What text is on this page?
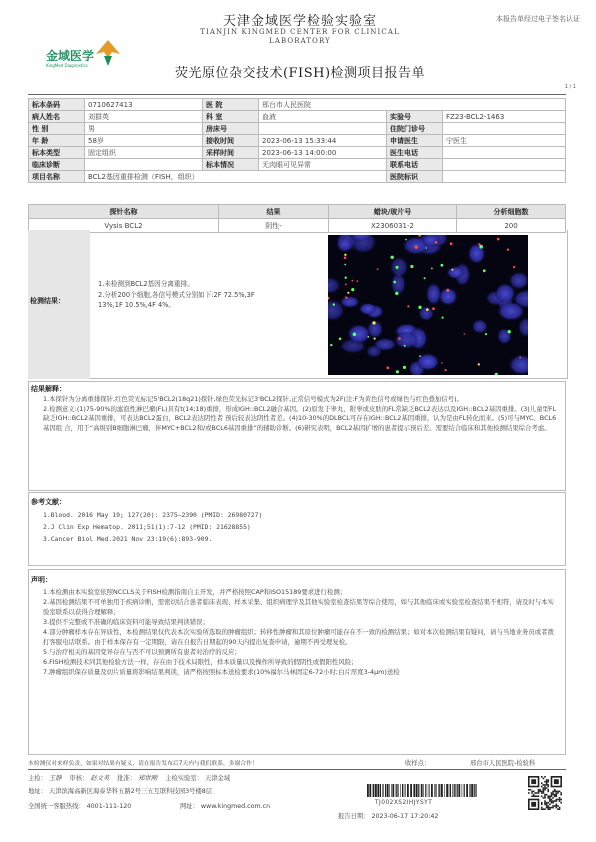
金域医学
KingMed Diagnostics
天津金域医学检验实验室
TIANJIN KINGMED CENTER FOR CLINICAL LABORATORY
本报告单经过电子签名认证
荧光原位杂交技术(FISH)检测项目报告单
1 / 1
标本条码	0710627413	医 院	邢台市人民医院		
病人姓名	刘群英	科 室	血液	实验号	FZ23-BCL2-1463
性 别	男	房床号		住院门诊号	
年 龄	58岁	接收时间	2023-06-13 15:33:44	申请医生	宁医生
标本类型	固定组织	采样时间	2023-06-13 14:00:00	医生电话	
临床诊断		标本情况	无肉眼可见异常	联系电话	
项目名称	BCL2基因重排检测（FISH，组织）			医院标识	
探针名称	结果	蜡块/玻片号	分析细胞数
Vysis BCL2	阴性-	X2306031-2	200
检测结果：
1.未检测到BCL2基因分离重排。
2.分析200个细胞,各信号模式分别如下:2F 72.5%,3F 13%,1F 10.5%,4F 4%。
结果解释：
1.本探针为分离重排探针,红色荧光标记5'BCL2(18q21)探针,绿色荧光标记3'BCL2探针,正常信号模式为2F(注:F为黄色信号或绿色与红色叠加信号)。
2.检测意义:(1)75-90%的滤泡性淋巴瘤(FL)具有t(14;18)重排，形成IGH::BCL2融合基因。(2)原发于睾丸、附睾或皮肤的FL常缺乏BCL2表达以及IGH::BCL2基因重排。(3)儿童型FL缺乏IGH::BCL2基因重排，可表达BCL2蛋白，BCL2表达阴性者 预后较表达阴性者差。(4)10-30%的DLBCL可存在IGH::BCL2基因重排，认为是由FL转化而来。(5)可与MYC、BCL6基因组 合，用于“高级别B细胞淋巴瘤，伴MYC+BCL2和/或BCL6基因重排”的辅助诊断。(6)研究表明，BCL2基因扩增的患者提示预后差。需要结合临床和其他检测结果综合考虑。
参考文献：
1.Blood. 2016 May 19; 127(20): 2375–2390 (PMID: 26980727)
2.J Clin Exp Hematop. 2011;51(1):7-12 (PMID: 21628855)
3.Cancer Biol Med.2021 Nov 23:19(6):893-909.
声明：
1.本检测由本实验室依照NCCLS关于FISH检测指南自主开发，并严格按照CAP和ISO15189要求进行检测；
2.基因检测结果不可单独用于疾病诊断，需密切结合患者临床表现、样本采集、组织病理学及其他实验室检查结果等综合使用，如与其他临床或实验室检查结果不相符，请及时与本实验室联系以获得合理解释；
3.提供不完整或不准确的临床资料可能导致结果判读错误；
4.部分肿瘤样本存在异质性，本检测结果仅代表本次实验所选取的肿瘤组织；转移性肿瘤和其原位肿瘤可能存在不一致的检测结果；如对本次检测结果有疑问，请与当地业务员或者拨打客服电话联系。由于样本保存有一定期限，请在自报告日期起的90天内提出复查申请，逾期不再受理复检。
5.与治疗相关的基因变异存在与否不可以预测所有患者对治疗的反应；
6.FISH检测技术同其他检验方法一样，存在由于技术局限性，样本质量以及操作所导致的假阴性或假阳性风险；
7.肿瘤组织保存质量及切片质量将影响结果判读，请严格按照标本送检要求(10%福尔马林固定6-72小时;白片厚度3-4μm)送检
本检测仅对来样负责，如果对结果有疑义，请在报告发布后7天内与我们联系，多谢合作！	收样点：	邢台市人民医院-检验科
主检： 王静 审核： 赵文英 批准： 郑世刚 主检实验室： 天津金域
TJ002XS2IHJYSYT
地址： 天津滨海高新区海泰华科五路2号三五互联科技园3号楼8层
全国统一客服热线： 4001-111-120	网址： www.kingmed.com.cn
报告日期： 2023-06-17 17:20:42
